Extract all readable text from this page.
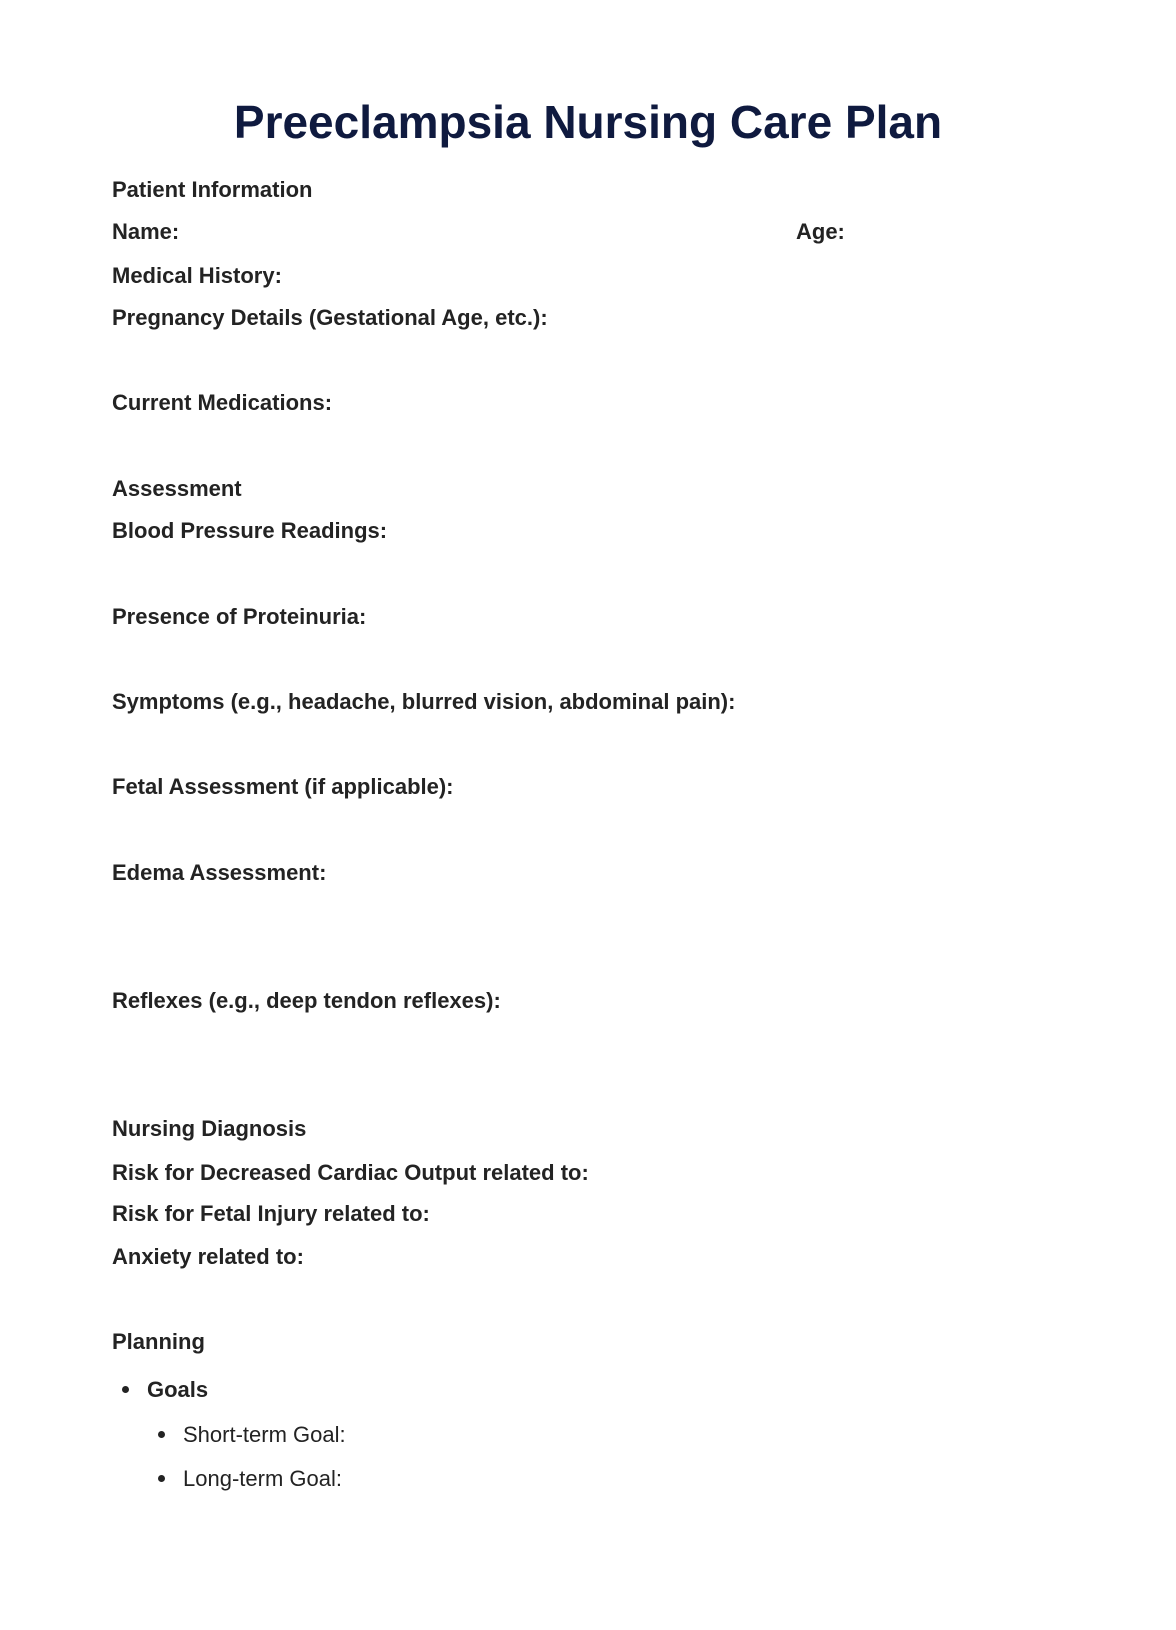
Preeclampsia Nursing Care Plan
Patient Information
Name:	Age:
Medical History:
Pregnancy Details (Gestational Age, etc.):
Current Medications:
Assessment
Blood Pressure Readings:
Presence of Proteinuria:
Symptoms (e.g., headache, blurred vision, abdominal pain):
Fetal Assessment (if applicable):
Edema Assessment:
Reflexes (e.g., deep tendon reflexes):
Nursing Diagnosis
Risk for Decreased Cardiac Output related to:
Risk for Fetal Injury related to:
Anxiety related to:
Planning
Goals
Short-term Goal:
Long-term Goal:
